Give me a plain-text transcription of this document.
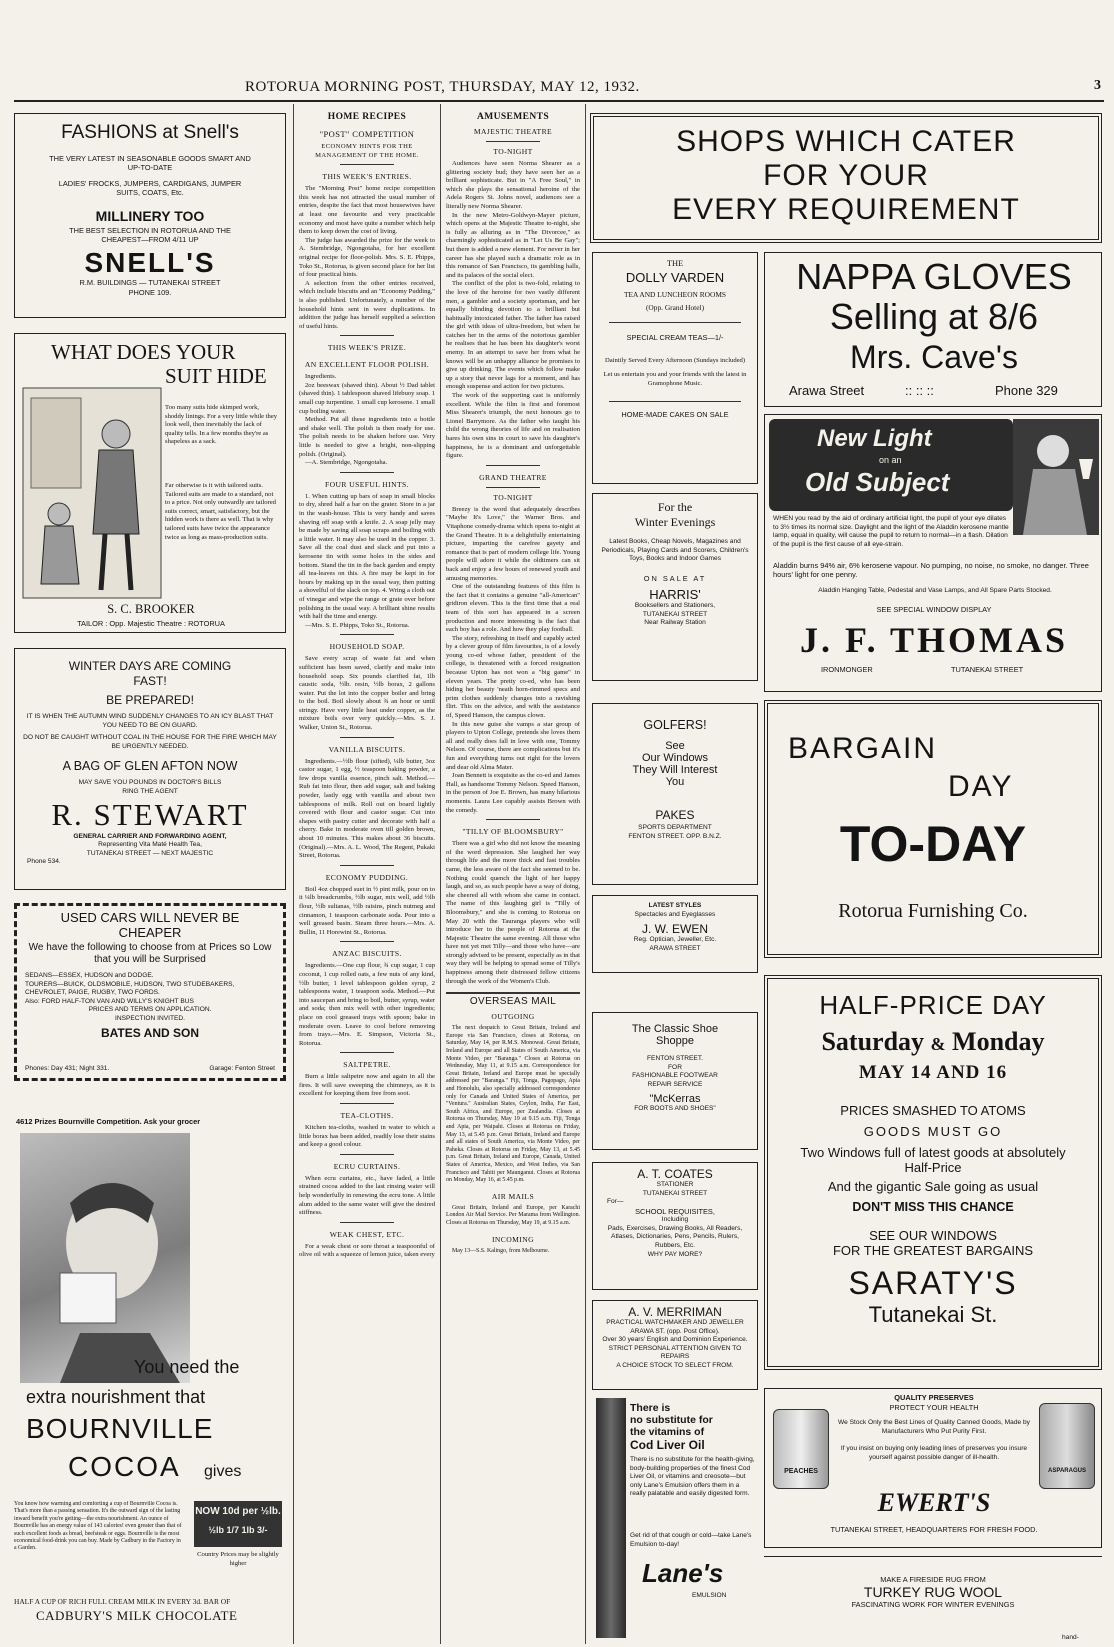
ROTORUA MORNING POST, THURSDAY, MAY 12, 1932.	3
FASHIONS at Snell's
THE VERY LATEST IN SEASONABLE GOODS SMART AND UP-TO-DATE
LADIES' FROCKS, JUMPERS, CARDIGANS, JUMPER SUITS, COATS, Etc.
MILLINERY TOO
THE BEST SELECTION IN ROTORUA AND THE CHEAPEST—FROM 4/11 UP
SNELL'S
R.M. BUILDINGS — TUTANEKAI STREET
PHONE 109.
WHAT DOES YOUR
SUIT HIDE
Too many suits hide skimped work, shoddy linings. For a very little while they look well, then inevitably the lack of quality tells. In a few months they're as shapeless as a sack.
Far otherwise is it with tailored suits. Tailored suits are made to a standard, not to a price. Not only outwardly are tailored suits correct, smart, satisfactory, but the hidden work is there as well. That is why tailored suits have twice the appearance twice as long as mass-production suits.
S. C. BROOKER
TAILOR : Opp. Majestic Theatre : ROTORUA
WINTER DAYS ARE COMING FAST!
BE PREPARED!
IT IS WHEN THE AUTUMN WIND SUDDENLY CHANGES TO AN ICY BLAST THAT YOU NEED TO BE ON GUARD.
DO NOT BE CAUGHT WITHOUT COAL IN THE HOUSE FOR THE FIRE WHICH MAY BE URGENTLY NEEDED.
A BAG OF GLEN AFTON NOW
MAY SAVE YOU POUNDS IN DOCTOR'S BILLS
RING THE AGENT
R. STEWART
GENERAL CARRIER AND FORWARDING AGENT,
Representing Vita Maté Health Tea,
TUTANEKAI STREET — NEXT MAJESTIC
Phone 534.
USED CARS WILL NEVER BE CHEAPER
We have the following to choose from at Prices so Low that you will be Surprised
SEDANS—ESSEX, HUDSON and DODGE.
TOURERS—BUICK, OLDSMOBILE, HUDSON, TWO STUDEBAKERS, CHEVROLET, PAIGE, RUGBY, TWO FORDS.
Also: FORD HALF-TON VAN AND WILLY'S KNIGHT BUS
PRICES AND TERMS ON APPLICATION.
INSPECTION INVITED.
BATES AND SON
Phones: Day 431; Night 331.	Garage: Fenton Street
4612 Prizes Bournville Competition. Ask your grocer
You need the
extra nourishment that
BOURNVILLE
COCOA	gives
You know how warming and comforting a cup of Bournville Cocoa is. That's more than a passing sensation. It's the outward sign of the lasting inward benefit you're getting—the extra nourishment. An ounce of Bournville has an energy value of 143 calories! even greater than that of such excellent foods as bread, beefsteak or eggs. Bournville is the most economical food-drink you can buy. Made by Cadbury in the Factory in a Garden.
NOW 10d per ½lb.
½lb 1/7 1lb 3/-
Country Prices may be slightly higher
HALF A CUP OF RICH FULL CREAM MILK IN EVERY 3d. BAR OF
CADBURY'S MILK CHOCOLATE
HOME RECIPES
"POST" COMPETITION
ECONOMY HINTS FOR THE MANAGEMENT OF THE HOME.
THIS WEEK'S ENTRIES.

The "Morning Post" home recipe competition this week has not attracted the usual number of entries, despite the fact that most housewives have at least one favourite and very practicable economy and most have quite a number which help them to keep down the cost of living.

The judge has awarded the prize for the week to A. Stembridge, Ngongotaha, for her excellent original recipe for floor-polish. Mrs. S. E. Phipps, Toko St., Rotorua, is given second place for her list of four practical hints.

A selection from the other entries received, which include biscuits and an "Economy Pudding," is also published. Unfortunately, a number of the household hints sent in were duplications. In addition the judge has herself supplied a selection of useful hints.

THIS WEEK'S PRIZE.
AN EXCELLENT FLOOR POLISH.

Ingredients.

2oz beeswax (shaved thin). About ½ Dad tablet (shaved thin). 1 tablespoon shaved lifebuoy soap. 1 small cup turpentine. 1 small cup kerosene. 1 small cup boiling water.

Method. Put all these ingredients into a bottle and shake well. The polish is then ready for use. The polish needs to be shaken before use. Very little is needed to give a bright, non-slipping polish. (Original).

—A. Stembridge, Ngongotaha.

FOUR USEFUL HINTS.

1. When cutting up bars of soap in small blocks to dry, shred half a bar on the grater. Store in a jar in the wash-house. This is very handy and saves shaving off soap with a knife. 2. A soap jelly may be made by saving all soap scraps and boiling with a little water. It may also be used in the copper. 3. Save all the coal dust and slack and put into a kerosene tin with some holes in the sides and bottom. Stand the tin in the back garden and empty all tea-leaves on this. A fire may be kept in for hours by making up in the usual way, then putting a shovelful of the slack on top. 4. Wring a cloth out of vinegar and wipe the range or grate over before polishing in the usual way. A brilliant shine results with half the time and energy.

—Mrs. S. E. Phipps, Toko St., Rotorua.

HOUSEHOLD SOAP.

Save every scrap of waste fat and when sufficient has been saved, clarify and make into household soap. Six pounds clarified fat, 1lb caustic soda, ½lb. resin, ½lb borax, 2 gallons water. Put the lot into the copper boiler and bring to the boil. Boil slowly about ¾ an hour or until stringy. Have very little heat under copper, as the mixture boils over very quickly.—Mrs. S. J. Walker, Union St., Rotorua.

VANILLA BISCUITS.

Ingredients.—½lb flour (sifted), ¼lb butter, 3oz castor sugar, 1 egg, ½ teaspoon baking powder, a few drops vanilla essence, pinch salt. Method.—Rub fat into flour, then add sugar, salt and baking powder, lastly egg with vanilla and about two tablespoons of milk. Roll out on board lightly covered with flour and castor sugar. Cut into shapes with pastry cutter and decorate with half a cherry. Bake in moderate oven till golden brown, about 10 minutes. This makes about 36 biscuits. (Original).—Mrs. A. L. Wood, The Regent, Pukaki Street, Rotorua.

ECONOMY PUDDING.

Boil 4oz chopped suet in ½ pint milk, pour on to it ¼lb breadcrumbs, ½lb sugar, mix well, add ½lb flour, ½lb sultanas, ½lb raisins, pinch nutmeg and cinnamon, 1 teaspoon carbonate soda. Pour into a well greased basin. Steam three hours.—Mrs. A. Bullin, 11 Horewini St., Rotorua.

ANZAC BISCUITS.

Ingredients.—One cup flour, ¾ cup sugar, 1 cup coconut, 1 cup rolled oats, a few nuts of any kind, ½lb butter, 1 level tablespoon golden syrup, 2 tablespoons water, 1 teaspoon soda. Method.—Put into saucepan and bring to boil, butter, syrup, water and soda; then mix well with other ingredients; place on cool greased trays with spoon; bake in moderate oven. Leave to cool before removing from trays.—Mrs. E. Simpson, Victoria St., Rotorua.

SALTPETRE.

Burn a little saltpetre now and again in all the fires. It will save sweeping the chimneys, as it is excellent for keeping them free from soot.

TEA-CLOTHS.

Kitchen tea-cloths, washed in water to which a little borax has been added, readily lose their stains and keep a good colour.

ECRU CURTAINS.

When ecru curtains, etc., have faded, a little strained cocoa added to the last rinsing water will help wonderfully in renewing the ecru tone. A little alum added to the same water will give the desired stiffness.

WEAK CHEST, ETC.

For a weak chest or sore throat a teaspoonful of olive oil with a squeeze of lemon juice, taken every

AMUSEMENTS
MAJESTIC THEATRE
TO-NIGHT

Audiences have seen Norma Shearer as a glittering society bud; they have seen her as a brilliant sophisticate. But in "A Free Soul," in which she plays the sensational heroine of the Adela Rogers St. Johns novel, audiences see a literally new Norma Shearer.

In the new Metro-Goldwyn-Mayer picture, which opens at the Majestic Theatre to-night, she is fully as alluring as in "The Divorcee," as charmingly sophisticated as in "Let Us Be Gay"; but there is added a new element. For never in her career has she played such a dramatic role as in this romance of San Francisco, its gambling halls, and its palaces of the social elect.

The conflict of the plot is two-fold, relating to the love of the heroine for two vastly different men, a gambler and a society sportsman, and her equally blinding devotion to a brilliant but habitually intoxicated father. The father has raised the girl with ideas of ultra-freedom, but when he catches her in the arms of the notorious gambler he realises that he has been his daughter's worst enemy. In an attempt to save her from what he knows will be an unhappy alliance he promises to give up drinking. The events which follow make up a story that never lags for a moment, and has enough suspense and action for two pictures.

The work of the supporting cast is uniformly excellent. While the film is first and foremost Miss Shearer's triumph, the next honours go to Lionel Barrymore. As the father who taught his child the wrong theories of life and on realisation bares his own sins in court to save his daughter's happiness, he is a dominant and unforgettable figure.

GRAND THEATRE
TO-NIGHT

Breezy is the word that adequately describes "Maybe It's Love," the Warner Bros. and Vitaphone comedy-drama which opens to-night at the Grand Theatre. It is a delightfully entertaining picture, imparting the carefree gayety and romance that is part of modern college life. Young people will adore it while the oldtimers can sit back and enjoy a few hours of renewed youth and amusing memories.

One of the outstanding features of this film is the fact that it contains a genuine "all-American" gridiron eleven. This is the first time that a real team of this sort has appeared in a screen production and more interesting is the fact that each boy has a role. And how they play football.

The story, refreshing in itself and capably acted by a clever group of film favourites, is of a lovely young co-ed whose father, president of the college, is threatened with a forced resignation because Upton has not won a "big game" in eleven years. The pretty co-ed, who has been hiding her beauty 'neath horn-rimmed specs and prim clothes suddenly changes into a ravishing flirt. This on the advice, and with the assistance of, Speed Hanson, the campus clown.

In this new guise she vamps a star group of players to Upton College, pretends she loves them all and really does fall in love with one, Tommy Nelson. Of course, there are complications but it's fun and everything turns out right for the lovers and dear old Alma Mater.

Joan Bennett is exquisite as the co-ed and James Hall, as handsome Tommy Nelson. Speed Hanson, in the person of Joe E. Brown, has many hilarious moments. Laura Lee capably assists Brown with the comedy.

"TILLY OF BLOOMSBURY"

There was a girl who did not know the meaning of the word depression. She laughed her way through life and the more thick and fast troubles came, the less aware of the fact she seemed to be. Nothing could quench the light of her happy laugh, and so, as such people have a way of doing, she cheered all with whom she came in contact. The name of this laughing girl is "Tilly of Bloomsbury," and she is coming to Rotorua on May 20 with the Tauranga players who will introduce her to the people of Rotorua at the Majestic Theatre the same evening. All those who have not yet met Tilly—and those who have—are strongly advised to be present, especially as in that way they will be helping to spread some of Tilly's happiness among their distressed fellow citizens through the work of the Women's Club.

OVERSEAS MAIL
OUTGOING

The next despatch to Great Britain, Ireland and Europe via San Francisco, closes at Rotorua, on Saturday, May 14, per R.M.S. Monowai. Great Britain, Ireland and Europe and all States of South America, via Monte Video, per "Baranga." Closes at Rotorua on Wednesday, May 11, at 9.15 a.m. Correspondence for Great Britain, Ireland and Europe must be specially addressed per "Baranga." Fiji, Tonga, Pagopago, Apia and Honolulu, also specially addressed correspondence only for Canada and United States of America, per "Ventura." Australian States, Ceylon, India, Far East, South Africa, and Europe, per Zealandia. Closes at Rotorua on Thursday, May 19 at 9.15 a.m. Fiji, Tonga and Apia, per Waipahi. Closes at Rotorua on Friday, May 13, at 5.45 p.m. Great Britain, Ireland and Europe and all states of South America, via Monte Video, per Paheka. Closes at Rotorua on Friday, May 13, at 5.45 p.m. Great Britain, Ireland and Europe, Canada, United States of America, Mexico, and West Indies, via San Francisco and Tahiti per Maunganui. Closes at Rotorua on Monday, May 16, at 5.45 p.m.

AIR MAILS

Great Britain, Ireland and Europe, per Karachi London Air Mail Service. Per Marama from Wellington. Closes at Rotorua on Thursday, May 19, at 9.15 a.m.

INCOMING

May 13—S.S. Kalingo, from Melbourne.

SHOPS WHICH CATER
FOR YOUR
EVERY REQUIREMENT
THE
DOLLY VARDEN
TEA AND LUNCHEON ROOMS
(Opp. Grand Hotel)
SPECIAL CREAM TEAS—1/-
Daintily Served Every Afternoon (Sundays included)
Let us entertain you and your friends with the latest in Gramophone Music.
HOME-MADE CAKES ON SALE
For the
Winter Evenings
Latest Books, Cheap Novels, Magazines and Periodicals, Playing Cards and Scorers, Children's Toys, Books and Indoor Games
ON SALE AT
HARRIS'
Booksellers and Stationers,
TUTANEKAI STREET
Near Railway Station
GOLFERS!
See
Our Windows
They Will Interest
You
PAKES
SPORTS DEPARTMENT
FENTON STREET. OPP. B.N.Z.
LATEST STYLES
Spectacles and Eyeglasses
J. W. EWEN
Reg. Optician, Jeweller, Etc.
ARAWA STREET
The Classic Shoe
Shoppe
FENTON STREET.
FOR
FASHIONABLE FOOTWEAR
REPAIR SERVICE
"McKerras
FOR BOOTS AND SHOES"
A. T. COATES
STATIONER
TUTANEKAI STREET
For—
SCHOOL REQUISITES,
Including
Pads, Exercises, Drawing Books, All Readers, Atlases, Dictionaries, Pens, Pencils, Rulers, Rubbers, Etc.
WHY PAY MORE?
A. V. MERRIMAN
PRACTICAL WATCHMAKER AND JEWELLER
ARAWA ST. (opp. Post Office).
Over 30 years' English and Dominion Experience.
STRICT PERSONAL ATTENTION GIVEN TO REPAIRS
A CHOICE STOCK TO SELECT FROM.
There is
no substitute for
the vitamins of
Cod Liver Oil
There is no substitute for the health-giving, body-building properties of the finest Cod Liver Oil, or vitamins and creosote—but only Lane's Emulsion offers them in a really palatable and easily digested form.
Get rid of that cough or cold—take Lane's Emulsion to-day!
Lane's
EMULSION
NAPPA GLOVES
Selling at 8/6
Mrs. Cave's
Arawa Street	:: :: ::	Phone 329
New Light
on an
Old Subject
WHEN you read by the aid of ordinary artificial light, the pupil of your eye dilates to 3½ times its normal size. Daylight and the light of the Aladdin kerosene mantle lamp, equal in quality, will cause the pupil to return to normal—in a flash. Dilation of the pupil is the first cause of all eye-strain.
Aladdin burns 94% air, 6% kerosene vapour. No pumping, no noise, no smoke, no danger. Three hours' light for one penny.
Aladdin Hanging Table, Pedestal and Vase Lamps, and All Spare Parts Stocked.
SEE SPECIAL WINDOW DISPLAY
J. F. THOMAS
IRONMONGER	TUTANEKAI STREET
BARGAIN
DAY
TO-DAY
Rotorua Furnishing Co.
HALF-PRICE DAY
Saturday & Monday
MAY 14 AND 16
PRICES SMASHED TO ATOMS
GOODS MUST GO
Two Windows full of latest goods at absolutely Half-Price
And the gigantic Sale going as usual
DON'T MISS THIS CHANCE
SEE OUR WINDOWS
FOR THE GREATEST BARGAINS
SARATY'S
Tutanekai St.
QUALITY PRESERVES
PROTECT YOUR HEALTH
We Stock Only the Best Lines of Quality Canned Goods, Made by Manufacturers Who Put Purity First.
If you insist on buying only leading lines of preserves you insure yourself against possible danger of ill-health.
PEACHES	ASPARAGUS
EWERT'S
TUTANEKAI STREET, HEADQUARTERS FOR FRESH FOOD.
MAKE A FIRESIDE RUG FROM
TURKEY RUG WOOL
FASCINATING WORK FOR WINTER EVENINGS
hand-
